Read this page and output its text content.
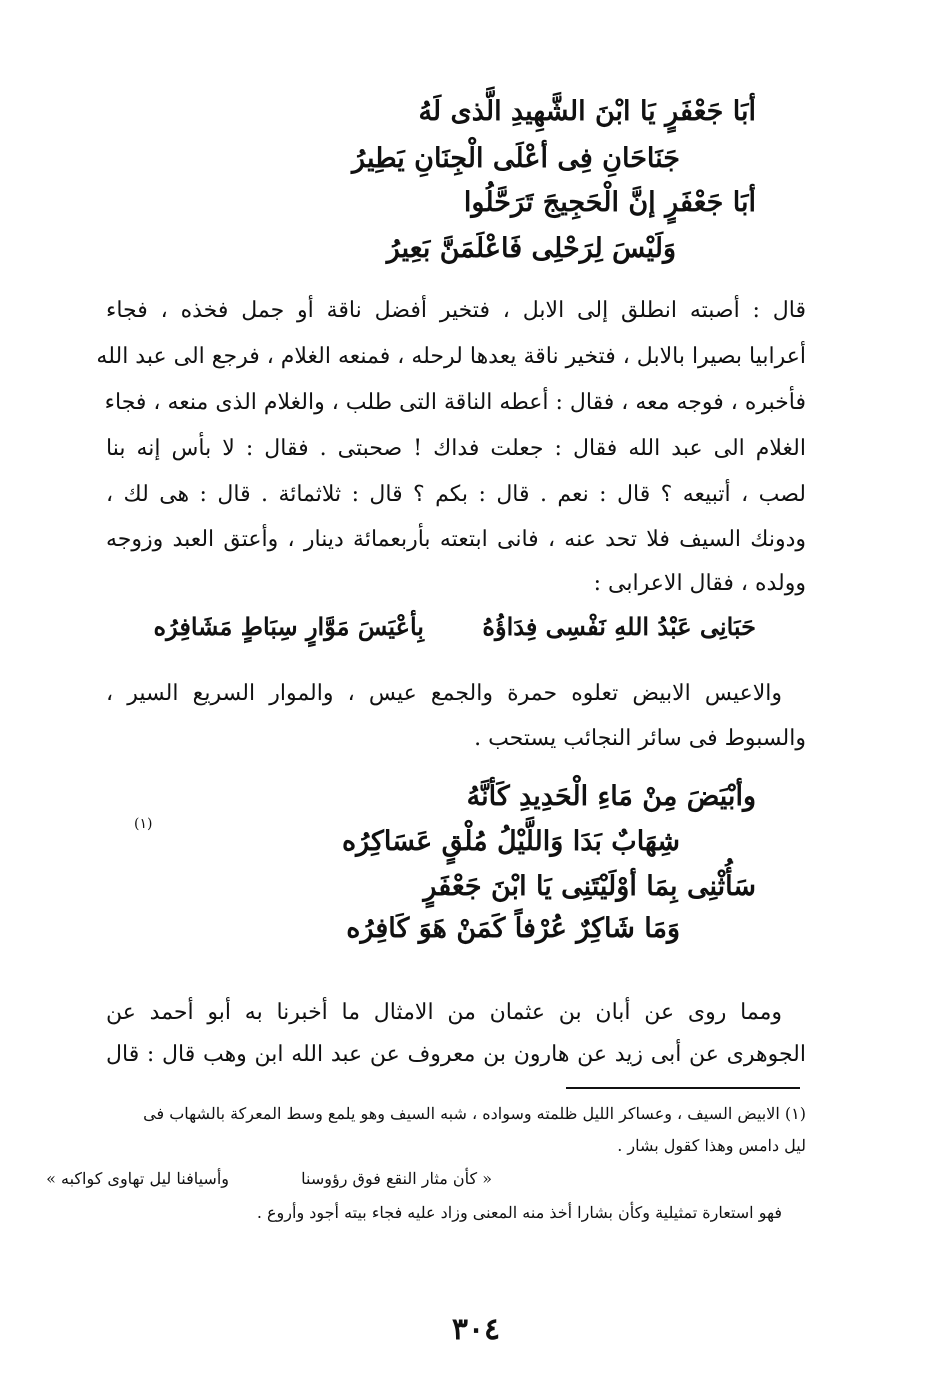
أبَا جَعْفَرٍ يَا ابْنَ الشَّهِيدِ الَّذى لَهُ
جَنَاحَانِ فِى أعْلَى الْجِنَانِ يَطِيرُ
أبَا جَعْفَرٍ إنَّ الْحَجِيجَ تَرَحَّلُوا
وَلَيْسَ لِرَحْلِى فَاعْلَمَنَّ بَعِيرُ
قال : أصبته انطلق إلى الابل ، فتخير أفضل ناقة أو جمل فخذه ، فجاء
أعرابيا بصيرا بالابل ، فتخير ناقة يعدها لرحله ، فمنعه الغلام ، فرجع الى عبد الله
فأخبره ، فوجه معه ، فقال : أعطه الناقة التى طلب ، والغلام الذى منعه ، فجاء
الغلام الى عبد الله فقال : جعلت فداك ! صحبتى . فقال : لا بأس إنه بنا
لصب ، أتبيعه ؟ قال : نعم . قال : بكم ؟ قال : ثلاثمائة . قال : هى لك ،
ودونك السيف فلا تحد عنه ، فانى ابتعته بأربعمائة دينار ، وأعتق العبد وزوجه
وولده ، فقال الاعرابى :
حَبَانِى عَبْدُ اللهِ نَفْسِى فِدَاؤُهُ
بِأعْيَسَ مَوَّارٍ سِبَاطٍ مَشَافِرُه
والاعيس الابيض تعلوه حمرة والجمع عيس ، والموار السريع السير ،
والسبوط فى سائر النجائب يستحب .
وأبْيَضَ مِنْ مَاءِ الْحَدِيدِ كَأنَّهُ
شِهَابٌ بَدَا وَاللَّيْلُ مُلْقٍ عَسَاكِرُه
(١)
سَأُثْنِى بِمَا أوْلَيْتَنِى يَا ابْنَ جَعْفَرٍ
وَمَا شَاكِرٌ عُرْفاً كَمَنْ هَوَ كَافِرُه
ومما روى عن أبان بن عثمان من الامثال ما أخبرنا به أبو أحمد عن
الجوهرى عن أبى زيد عن هارون بن معروف عن عبد الله ابن وهب قال : قال
(١) الابيض السيف ، وعساكر الليل ظلمته وسواده ، شبه السيف وهو يلمع وسط المعركة بالشهاب فى
ليل دامس وهذا كقول بشار .
« كأن مثار النقع فوق رؤوسنا
وأسيافنا ليل تهاوى كواكبه »
فهو استعارة تمثيلية وكأن بشارا أخذ منه المعنى وزاد عليه فجاء بيته أجود وأروع .
٣٠٤
